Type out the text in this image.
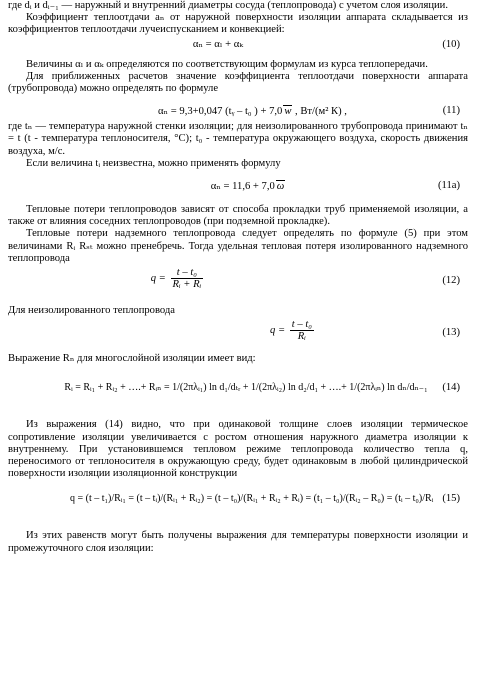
где dᵢ и dᵢ₋₁ — наружный и внутренний диаметры сосуда (теплопровода) с учетом слоя изоляции.

Коэффициент теплоотдачи aₙ от наружной поверхности изоляции аппарата складывается из коэффициентов теплоотдачи лучеиспусканием и конвекцией:

αₙ = αₗ + αₖ	(10)

Величины αₗ и αₖ определяются по соответствующим формулам из курса теплопередачи.

Для приближенных расчетов значение коэффициента теплоотдачи поверхности аппарата (трубопровода) можно определять по формуле

αₙ = 9,3+0,047 (tᵧ – t₀ ) + 7,0 w , Вт/(м² К) ,	(11)

где tₙ — температура наружной стенки изоляции; для неизолированного трубопровода принимают tₙ = t (t - температура теплоносителя, °С); t₀ - температура окружающего воздуха, скорость движения воздуха, м/с.

Если величина tᵢ неизвестна, можно применять формулу

αₙ = 11,6 + 7,0 ω	(11a)

Тепловые потери теплопроводов зависят от способа прокладки труб применяемой изоляции, а также от влияния соседних теплопроводов (при подземной прокладке).

Тепловые потери надземного теплопровода следует определять по формуле (5) при этом величинами Rᵢ Rₛₜ можно пренебречь. Тогда удельная тепловая потеря изолированного надземного теплопровода

$q = \frac{\text{t – t₀}}{\text{Rᵢ + Rᵢ}}$	(12)

Для неизолированного теплопровода

$q = \frac{\text{t – t₀}}{\text{Rᵢ}}$	(13)

Выражение Rₙ для многослойной изоляции имеет вид:

Rᵢ = Rᵢ₁ + Rᵢ₂ + ….+ Rᵢₙ = 1/(2πλᵢ₁) ln d₁/dₜᵣ + 1/(2πλᵢ₂) ln d₂/d₁ + ….+ 1/(2πλᵢₙ) ln dₙ/dₙ₋₁ (14)

Из выражения (14) видно, что при одинаковой толщине слоев изоляции термическое сопротивление изоляции увеличивается с ростом отношения наружного диаметра изоляции к внутреннему. При установившемся тепловом режиме теплопровода количество тепла q, переносимого от теплоносителя в окружающую среду, будет одинаковым в любой цилиндрической поверхности изоляции изоляционной конструкции

q = (t – t₁)/Rᵢ₁ = (t – tᵢ)/(Rᵢ₁ + Rᵢ₂) = (t – t₀)/(Rᵢ₁ + Rᵢ₂ + Rᵢ) = (t₁ – t₀)/(Rᵢ₂ – R₀) = (tᵢ – t₀)/Rᵢ (15)

Из этих равенств могут быть получены выражения для температуры поверхности изоляции и промежуточного слоя изоляции:
